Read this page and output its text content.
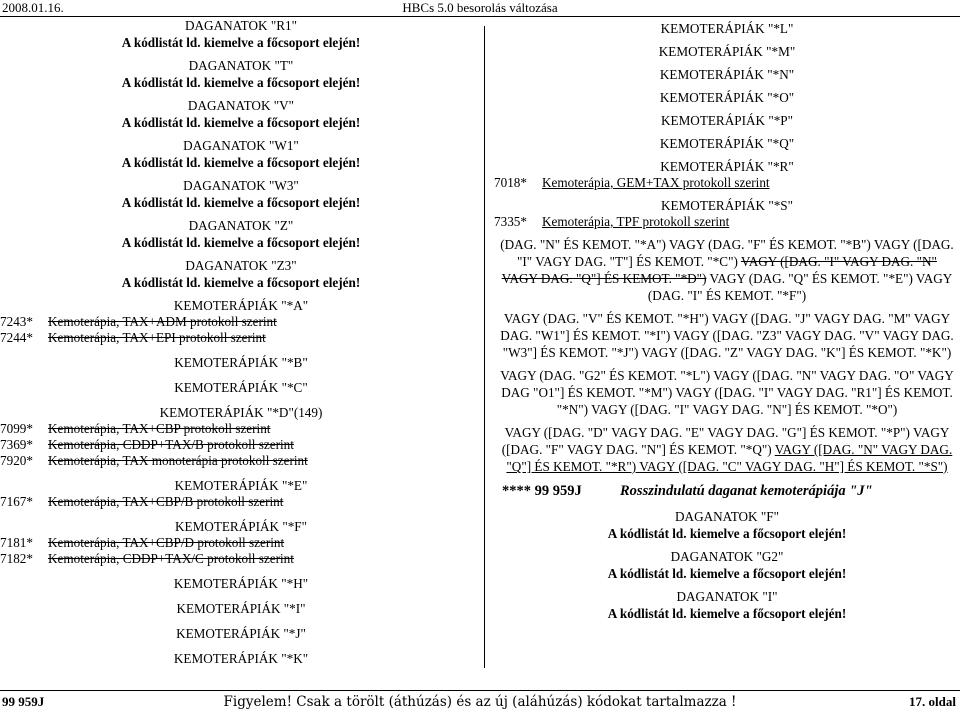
2008.01.16.	HBCs 5.0 besorolás változása
DAGANATOK "R1"
A kódlistát ld. kiemelve a főcsoport elején!
DAGANATOK "T"
A kódlistát ld. kiemelve a főcsoport elején!
DAGANATOK "V"
A kódlistát ld. kiemelve a főcsoport elején!
DAGANATOK "W1"
A kódlistát ld. kiemelve a főcsoport elején!
DAGANATOK "W3"
A kódlistát ld. kiemelve a főcsoport elején!
DAGANATOK "Z"
A kódlistát ld. kiemelve a főcsoport elején!
DAGANATOK "Z3"
A kódlistát ld. kiemelve a főcsoport elején!
KEMOTERÁPIÁK "*A"
7243* Kemoterápia, TAX+ADM protokoll szerint
7244* Kemoterápia, TAX+EPI protokoll szerint
KEMOTERÁPIÁK "*B"
KEMOTERÁPIÁK "*C"
KEMOTERÁPIÁK "*D"(149)
7099* Kemoterápia, TAX+CBP protokoll szerint
7369* Kemoterápia, CDDP+TAX/B protokoll szerint
7920* Kemoterápia, TAX monoterápia protokoll szerint
KEMOTERÁPIÁK "*E"
7167* Kemoterápia, TAX+CBP/B protokoll szerint
KEMOTERÁPIÁK "*F"
7181* Kemoterápia, TAX+CBP/D protokoll szerint
7182* Kemoterápia, CDDP+TAX/C protokoll szerint
KEMOTERÁPIÁK "*H"
KEMOTERÁPIÁK "*I"
KEMOTERÁPIÁK "*J"
KEMOTERÁPIÁK "*K"
KEMOTERÁPIÁK "*L"
KEMOTERÁPIÁK "*M"
KEMOTERÁPIÁK "*N"
KEMOTERÁPIÁK "*O"
KEMOTERÁPIÁK "*P"
KEMOTERÁPIÁK "*Q"
KEMOTERÁPIÁK "*R"
7018* Kemoterápia, GEM+TAX protokoll szerint
KEMOTERÁPIÁK "*S"
7335* Kemoterápia, TPF protokoll szerint
(DAG. "N" ÉS KEMOT. "*A") VAGY (DAG. "F" ÉS KEMOT. "*B") VAGY ([DAG. "I" VAGY DAG. "T"] ÉS KEMOT. "*C") VAGY ([DAG. "I" VAGY DAG. "N" VAGY DAG. "Q"] ÉS KEMOT. "*D") VAGY (DAG. "Q" ÉS KEMOT. "*E") VAGY (DAG. "I" ÉS KEMOT. "*F")
VAGY (DAG. "V" ÉS KEMOT. "*H") VAGY ([DAG. "J" VAGY DAG. "M" VAGY DAG. "W1"] ÉS KEMOT. "*I") VAGY ([DAG. "Z3" VAGY DAG. "V" VAGY DAG. "W3"] ÉS KEMOT. "*J") VAGY ([DAG. "Z" VAGY DAG. "K"] ÉS KEMOT. "*K")
VAGY (DAG. "G2" ÉS KEMOT. "*L") VAGY ([DAG. "N" VAGY DAG. "O" VAGY DAG "O1"] ÉS KEMOT. "*M") VAGY ([DAG. "I" VAGY DAG. "R1"] ÉS KEMOT. "*N") VAGY ([DAG. "I" VAGY DAG. "N"] ÉS KEMOT. "*O")
VAGY ([DAG. "D" VAGY DAG. "E" VAGY DAG. "G"] ÉS KEMOT. "*P") VAGY ([DAG. "F" VAGY DAG. "N"] ÉS KEMOT. "*Q") VAGY ([DAG. "N" VAGY DAG. "Q"] ÉS KEMOT. "*R") VAGY ([DAG. "C" VAGY DAG. "H"] ÉS KEMOT. "*S")
**** 99 959J	Rosszindulatú daganat kemoterápiája "J"
DAGANATOK "F"
A kódlistát ld. kiemelve a főcsoport elején!
DAGANATOK "G2"
A kódlistát ld. kiemelve a főcsoport elején!
DAGANATOK "I"
A kódlistát ld. kiemelve a főcsoport elején!
99 959J	Figyelem! Csak a törölt (áthúzás) és az új (aláhúzás) kódokat tartalmazza !	17. oldal
